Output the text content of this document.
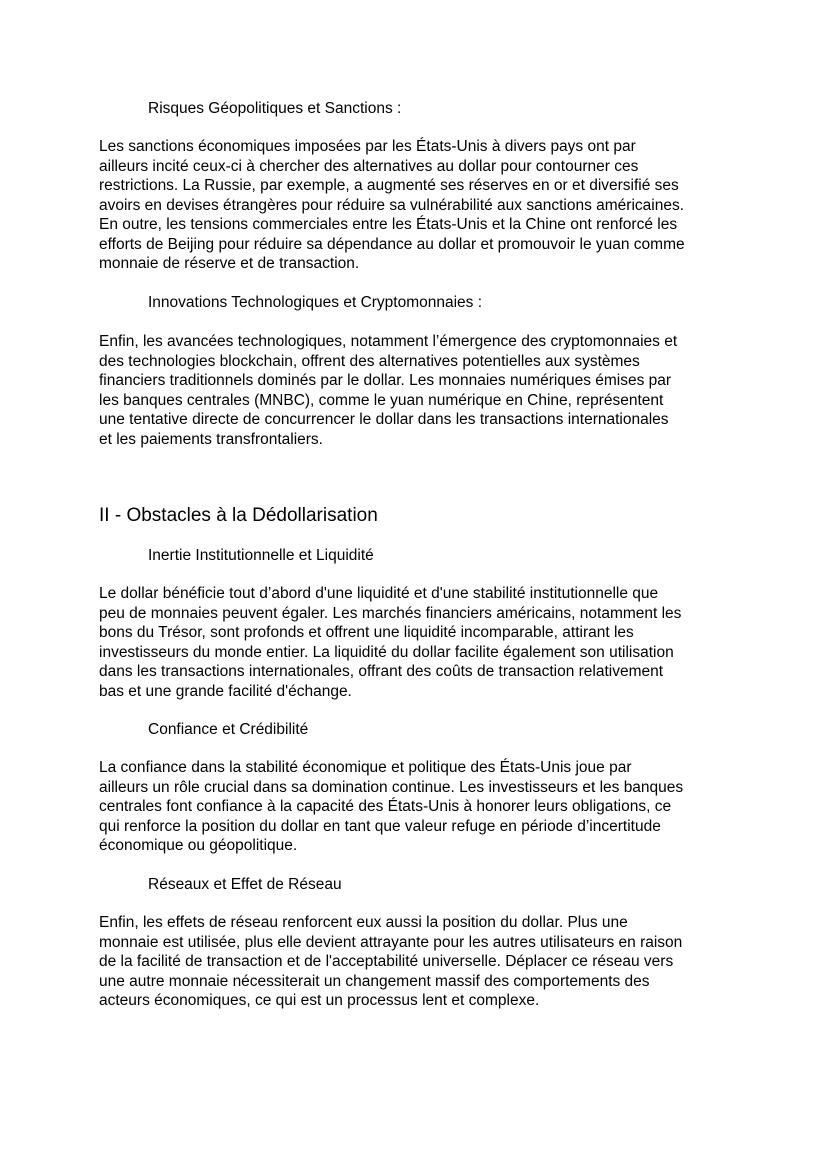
Risques Géopolitiques et Sanctions :
Les sanctions économiques imposées par les États-Unis à divers pays ont par
ailleurs incité ceux-ci à chercher des alternatives au dollar pour contourner ces
restrictions. La Russie, par exemple, a augmenté ses réserves en or et diversifié ses
avoirs en devises étrangères pour réduire sa vulnérabilité aux sanctions américaines.
En outre, les tensions commerciales entre les États-Unis et la Chine ont renforcé les
efforts de Beijing pour réduire sa dépendance au dollar et promouvoir le yuan comme
monnaie de réserve et de transaction.
Innovations Technologiques et Cryptomonnaies :
Enfin, les avancées technologiques, notamment l’émergence des cryptomonnaies et
des technologies blockchain, offrent des alternatives potentielles aux systèmes
financiers traditionnels dominés par le dollar. Les monnaies numériques émises par
les banques centrales (MNBC), comme le yuan numérique en Chine, représentent
une tentative directe de concurrencer le dollar dans les transactions internationales
et les paiements transfrontaliers.
II - Obstacles à la Dédollarisation
Inertie Institutionnelle et Liquidité
Le dollar bénéficie tout d’abord d'une liquidité et d'une stabilité institutionnelle que
peu de monnaies peuvent égaler. Les marchés financiers américains, notamment les
bons du Trésor, sont profonds et offrent une liquidité incomparable, attirant les
investisseurs du monde entier. La liquidité du dollar facilite également son utilisation
dans les transactions internationales, offrant des coûts de transaction relativement
bas et une grande facilité d'échange.
Confiance et Crédibilité
La confiance dans la stabilité économique et politique des États-Unis joue par
ailleurs un rôle crucial dans sa domination continue. Les investisseurs et les banques
centrales font confiance à la capacité des États-Unis à honorer leurs obligations, ce
qui renforce la position du dollar en tant que valeur refuge en période d’incertitude
économique ou géopolitique.
Réseaux et Effet de Réseau
Enfin, les effets de réseau renforcent eux aussi la position du dollar. Plus une
monnaie est utilisée, plus elle devient attrayante pour les autres utilisateurs en raison
de la facilité de transaction et de l'acceptabilité universelle. Déplacer ce réseau vers
une autre monnaie nécessiterait un changement massif des comportements des
acteurs économiques, ce qui est un processus lent et complexe.
